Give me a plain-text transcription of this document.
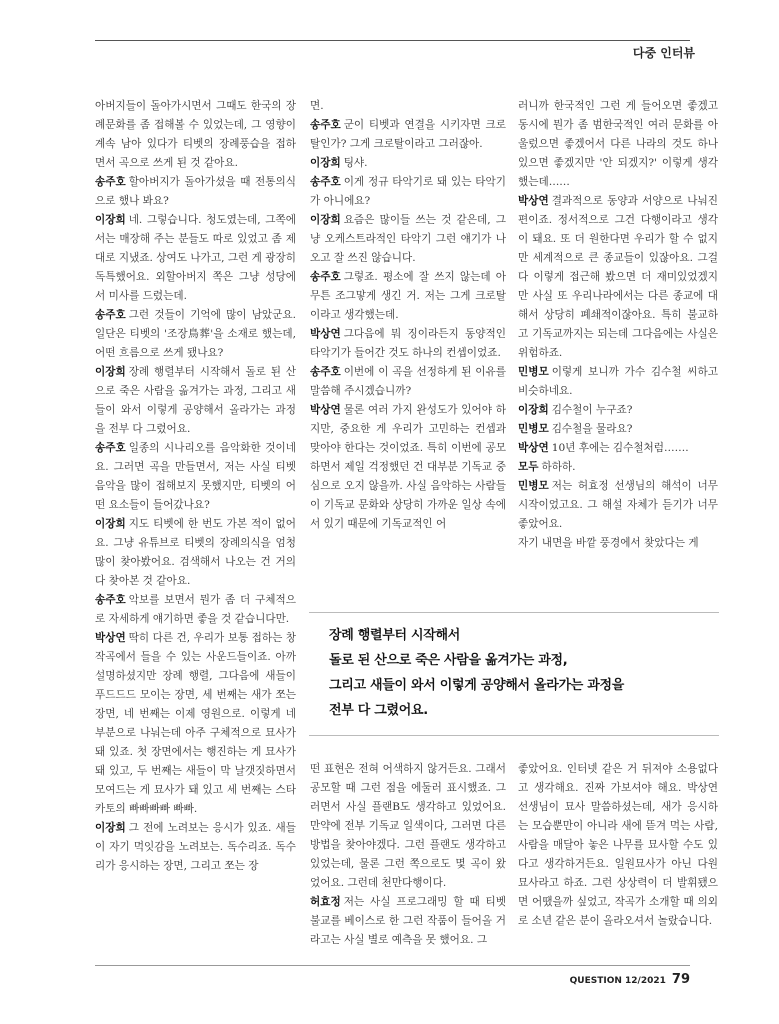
다중 인터뷰

아버지들이 돌아가시면서 그때도 한국의 장례문화를 좀 접해볼 수 있었는데, 그 영향이 계속 남아 있다가 티벳의 장례풍습을 접하면서 곡으로 쓰게 된 것 같아요.

송주호 할아버지가 돌아가셨을 때 전통의식으로 했나 봐요?

이장희 네. 그렇습니다. 청도였는데, 그쪽에서는 매장해 주는 분들도 따로 있었고 좀 제대로 지냈죠. 상여도 나가고, 그런 게 광장히 독특했어요. 외할아버지 쪽은 그냥 성당에서 미사를 드렸는데.

송주호 그런 것들이 기억에 많이 남았군요. 일단은 티벳의 '조장鳥葬'을 소재로 했는데, 어떤 흐름으로 쓰게 됐나요?

이장희 장례 행렬부터 시작해서 돌로 된 산으로 죽은 사람을 옮겨가는 과정, 그리고 새들이 와서 이렇게 공양해서 올라가는 과정을 전부 다 그렸어요.

송주호 일종의 시나리오를 음악화한 것이네요. 그러면 곡을 만들면서, 저는 사실 티벳 음악을 많이 접해보지 못했지만, 티벳의 어떤 요소들이 들어갔나요?

이장희 지도 티벳에 한 번도 가본 적이 없어요. 그냥 유튜브로 티벳의 장례의식을 엄청 많이 찾아봤어요. 검색해서 나오는 건 거의 다 찾아본 것 같아요.

송주호 악보를 보면서 뭔가 좀 더 구체적으로 자세하게 얘기하면 좋을 것 같습니다만.

박상연 딱히 다른 건, 우리가 보통 접하는 창작곡에서 들을 수 있는 사운드들이죠. 아까 설명하셨지만 장례 행렬, 그다음에 새들이 푸드드드 모이는 장면, 세 번째는 새가 쪼는 장면, 네 번째는 이제 영원으로. 이렇게 네 부분으로 나눠는데 아주 구체적으로 묘사가 돼 있죠. 첫 장면에서는 행진하는 게 묘사가 돼 있고, 두 번째는 새들이 막 날갯짓하면서 모여드는 게 묘사가 돼 있고 세 번째는 스타카토의 빠빠빠빠 빠빠.

이장희 그 전에 노려보는 응시가 있죠. 새들이 자기 먹잇감을 노려보는. 독수리죠. 독수리가 응시하는 장면, 그리고 쪼는 장

면.

송주호 군이 티벳과 연결을 시키자면 크로탈인가? 그게 크로탈이라고 그러잖아.

이장희 팅샤.

송주호 이게 정규 타악기로 돼 있는 타악기가 아니에요?

이장희 요즘은 많이들 쓰는 것 같은데, 그냥 오케스트라적인 타악기 그런 얘기가 나오고 잘 쓰진 않습니다.

송주호 그렇죠. 평소에 잘 쓰지 않는데 아무튼 조그맣게 생긴 거. 저는 그게 크로탈이라고 생각했는데.

박상연 그다음에 뭐 징이라든지 동양적인 타악기가 들어간 것도 하나의 컨셉이었죠.

송주호 이번에 이 곡을 선정하게 된 이유를 말씀해 주시겠습니까?

박상연 물론 여러 가지 완성도가 있어야 하지만, 중요한 게 우리가 고민하는 컨셉과 맞아야 한다는 것이었죠. 특히 이번에 공모하면서 제일 걱정했던 건 대부분 기독교 중심으로 오지 않을까. 사실 음악하는 사람들이 기독교 문화와 상당히 가까운 일상 속에서 있기 때문에 기독교적인 어

러니까 한국적인 그런 게 들어오면 좋겠고 동시에 뭔가 좀 범한국적인 여러 문화를 아울렀으면 좋겠어서 다른 나라의 것도 하나 있으면 좋겠지만 '안 되겠지?' 이렇게 생각했는데……

박상연 결과적으로 동양과 서양으로 나눠진 편이죠. 정서적으로 그건 다행이라고 생각이 돼요. 또 더 원한다면 우리가 할 수 없지만 세계적으로 큰 종교들이 있잖아요. 그걸 다 이렇게 접근해 봤으면 더 재미있었겠지만 사실 또 우리나라에서는 다른 종교에 대해서 상당히 폐쇄적이잖아요. 특히 불교하고 기독교까지는 되는데 그다음에는 사실은 위험하죠.

민병모 이렇게 보니까 가수 김수철 씨하고 비슷하네요.

이장희 김수철이 누구죠?

민병모 김수철을 물라요?

박상연 10년 후에는 김수철처럼…….

모두 하하하.

민병모 저는 허효정 선생님의 해석이 너무 시작이었고요. 그 해설 자체가 듣기가 너무 좋았어요.

자기 내면을 바깥 풍경에서 찾았다는 게

장례 행렬부터 시작해서
돌로 된 산으로 죽은 사람을 옮겨가는 과정,
그리고 새들이 와서 이렇게 공양해서 올라가는 과정을
전부 다 그렸어요.

떤 표현은 전혀 어색하지 않거든요. 그래서 공모할 때 그런 점을 에둘러 표시했죠. 그러면서 사실 플랜B도 생각하고 있었어요. 만약에 전부 기독교 일색이다, 그러면 다른 방법을 찾아야겠다. 그런 플랜도 생각하고 있었는데, 물론 그런 쪽으로도 몇 곡이 왔었어요. 그런데 천만다행이다.

허효정 저는 사실 프로그래밍 할 때 티벳 불교를 베이스로 한 그런 작품이 들어올 거라고는 사실 별로 예측을 못 했어요. 그

좋았어요. 인터넷 같은 거 뒤져야 소용없다고 생각해요. 진짜 가보셔야 해요. 박상연 선생님이 묘사 말씀하셨는데, 새가 응시하는 모습뿐만이 아니라 새에 뜯겨 먹는 사람, 사람을 매달아 놓은 나무를 묘사할 수도 있다고 생각하거든요. 일원묘사가 아닌 다원묘사라고 하죠. 그런 상상력이 더 발휘됐으면 어땠을까 싶었고, 작곡가 소개할 때 의외로 소년 같은 분이 올라오셔서 놀랐습니다.

QUESTION 12/2021 79
